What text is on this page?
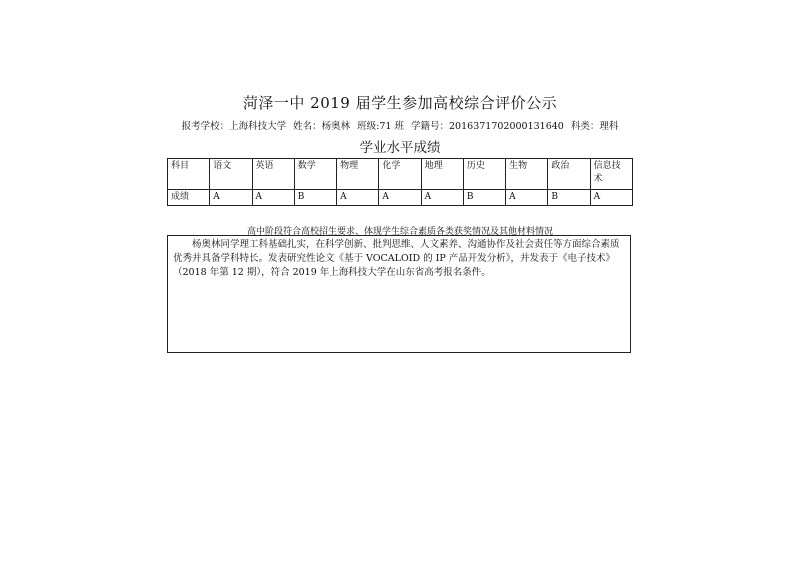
菏泽一中 2019 届学生参加高校综合评价公示
报考学校：上海科技大学 姓名：杨奥林 班级:71 班 学籍号：2016371702000131640 科类：理科
学业水平成绩
科目	语文	英语	数学	物理	化学	地理	历史	生物	政治	信息技术
成绩	A	A	B	A	A	A	B	A	B	A
高中阶段符合高校招生要求、体现学生综合素质各类获奖情况及其他材料情况
杨奥林同学理工科基础扎实，在科学创新、批判思维、人文素养、沟通协作及社会责任等方面综合素质优秀并具备学科特长。发表研究性论文《基于 VOCALOID 的 IP 产品开发分析》，并发表于《电子技术》（2018 年第 12 期），符合 2019 年上海科技大学在山东省高考报名条件。
